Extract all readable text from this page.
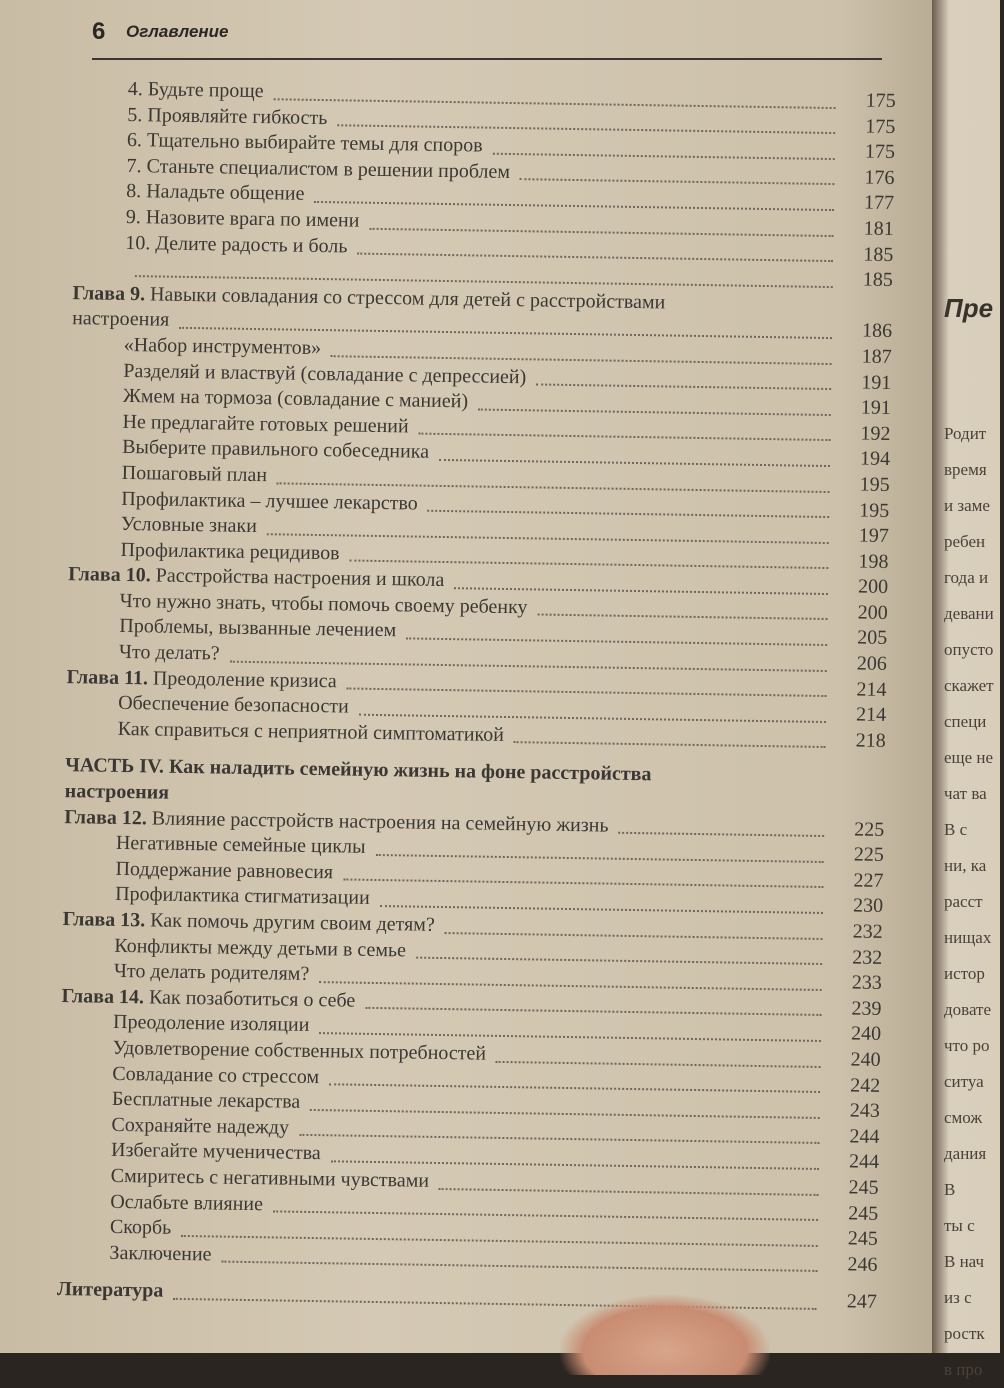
6 Оглавление
4. Будьте проще	175
5. Проявляйте гибкость	175
6. Тщательно выбирайте темы для споров	175
7. Станьте специалистом в решении проблем	176
8. Наладьте общение	177
9. Назовите врага по имени	181
10. Делите радость и боль	185
185
Глава 9. Навыки совладания со стрессом для детей с расстройствами
настроения
186
«Набор инструментов»	187
Разделяй и властвуй (совладание с депрессией)	191
Жмем на тормоза (совладание с манией)	191
Не предлагайте готовых решений	192
Выберите правильного собеседника	194
Пошаговый план	195
Профилактика – лучшее лекарство	195
Условные знаки	197
Профилактика рецидивов	198
Глава 10. Расстройства настроения и школа	200
Что нужно знать, чтобы помочь своему ребенку	200
Проблемы, вызванные лечением	205
Что делать?	206
Глава 11. Преодоление кризиса	214
Обеспечение безопасности	214
Как справиться с неприятной симптоматикой	218
ЧАСТЬ IV. Как наладить семейную жизнь на фоне расстройства
настроения
Глава 12. Влияние расстройств настроения на семейную жизнь	225
Негативные семейные циклы	225
Поддержание равновесия	227
Профилактика стигматизации	230
Глава 13. Как помочь другим своим детям?	232
Конфликты между детьми в семье	232
Что делать родителям?	233
Глава 14. Как позаботиться о себе	239
Преодоление изоляции	240
Удовлетворение собственных потребностей	240
Совладание со стрессом	242
Бесплатные лекарства	243
Сохраняйте надежду	244
Избегайте мученичества	244
Смиритесь с негативными чувствами	245
Ослабьте влияние	245
Скорбь	245
Заключение	246
Литература	247
Пре
Родит
время
и заме
ребен
года и
девани
опусто
скажет
специ
еще не
чат ва
В с
ни, ка
расст
нищах
истор
довате
что ро
ситуа
смож
дания
В
ты с
В нач
из с
ростк
в про
